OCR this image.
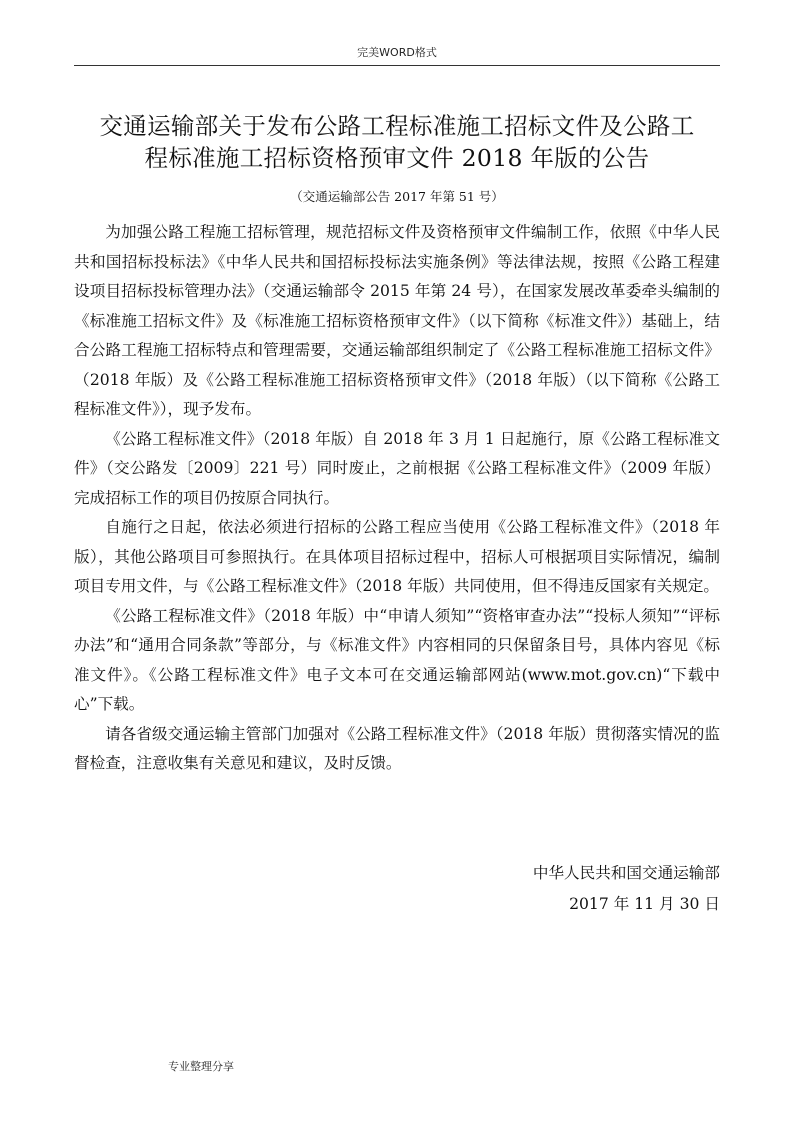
完美WORD格式
交通运输部关于发布公路工程标准施工招标文件及公路工
程标准施工招标资格预审文件 2018 年版的公告
（交通运输部公告 2017 年第 51 号）

为加强公路工程施工招标管理，规范招标文件及资格预审文件编制工作，依照《中华人民共和国招标投标法》《中华人民共和国招标投标法实施条例》等法律法规，按照《公路工程建设项目招标投标管理办法》（交通运输部令 2015 年第 24 号），在国家发展改革委牵头编制的《标准施工招标文件》及《标准施工招标资格预审文件》（以下简称《标准文件》）基础上，结合公路工程施工招标特点和管理需要，交通运输部组织制定了《公路工程标准施工招标文件》（2018 年版）及《公路工程标准施工招标资格预审文件》（2018 年版）（以下简称《公路工程标准文件》），现予发布。

《公路工程标准文件》（2018 年版）自 2018 年 3 月 1 日起施行，原《公路工程标准文件》（交公路发〔2009〕221 号）同时废止，之前根据《公路工程标准文件》（2009 年版）完成招标工作的项目仍按原合同执行。

自施行之日起，依法必须进行招标的公路工程应当使用《公路工程标准文件》（2018 年版），其他公路项目可参照执行。在具体项目招标过程中，招标人可根据项目实际情况，编制项目专用文件，与《公路工程标准文件》（2018 年版）共同使用，但不得违反国家有关规定。

《公路工程标准文件》（2018 年版）中“申请人须知”“资格审查办法”“投标人须知”“评标办法”和“通用合同条款”等部分，与《标准文件》内容相同的只保留条目号，具体内容见《标准文件》。《公路工程标准文件》电子文本可在交通运输部网站(www.mot.gov.cn)“下载中心”下载。

请各省级交通运输主管部门加强对《公路工程标准文件》（2018 年版）贯彻落实情况的监督检查，注意收集有关意见和建议，及时反馈。

中华人民共和国交通运输部
2017 年 11 月 30 日
专业整理分享
